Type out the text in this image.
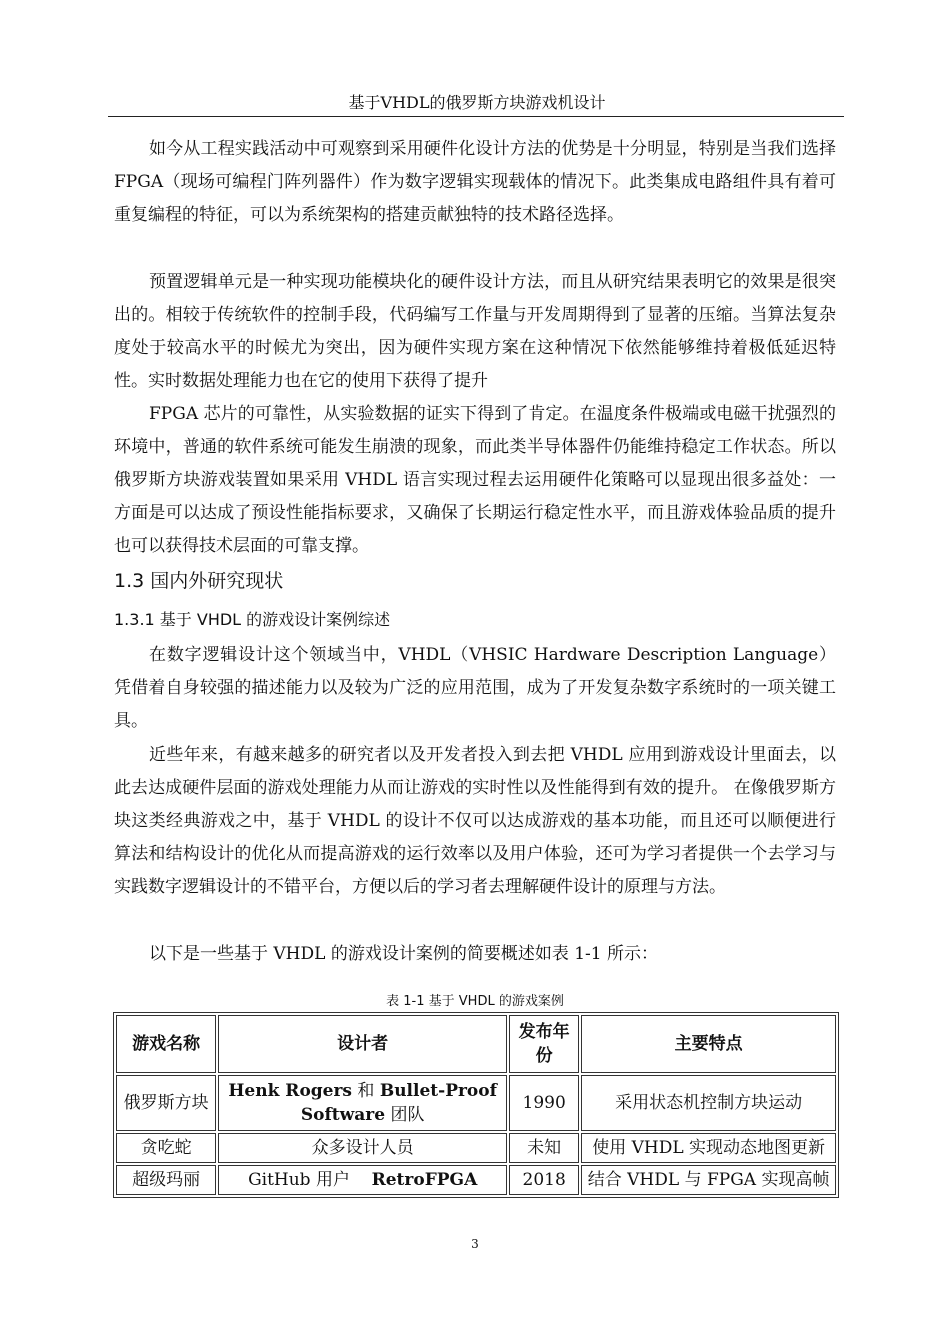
基于VHDL的俄罗斯方块游戏机设计

如今从工程实践活动中可观察到采用硬件化设计方法的优势是十分明显，特别是当我们选择 FPGA（现场可编程门阵列器件）作为数字逻辑实现载体的情况下。此类集成电路组件具有着可重复编程的特征，可以为系统架构的搭建贡献独特的技术路径选择。

预置逻辑单元是一种实现功能模块化的硬件设计方法，而且从研究结果表明它的效果是很突出的。相较于传统软件的控制手段，代码编写工作量与开发周期得到了显著的压缩。当算法复杂度处于较高水平的时候尤为突出，因为硬件实现方案在这种情况下依然能够维持着极低延迟特性。实时数据处理能力也在它的使用下获得了提升

FPGA 芯片的可靠性，从实验数据的证实下得到了肯定。在温度条件极端或电磁干扰强烈的环境中，普通的软件系统可能发生崩溃的现象，而此类半导体器件仍能维持稳定工作状态。所以俄罗斯方块游戏装置如果采用 VHDL 语言实现过程去运用硬件化策略可以显现出很多益处：一方面是可以达成了预设性能指标要求，又确保了长期运行稳定性水平，而且游戏体验品质的提升也可以获得技术层面的可靠支撑。

1.3 国内外研究现状
1.3.1 基于 VHDL 的游戏设计案例综述

在数字逻辑设计这个领域当中，VHDL（VHSIC Hardware Description Language）凭借着自身较强的描述能力以及较为广泛的应用范围，成为了开发复杂数字系统时的一项关键工具。

近些年来，有越来越多的研究者以及开发者投入到去把 VHDL 应用到游戏设计里面去，以此去达成硬件层面的游戏处理能力从而让游戏的实时性以及性能得到有效的提升。 在像俄罗斯方块这类经典游戏之中，基于 VHDL 的设计不仅可以达成游戏的基本功能，而且还可以顺便进行算法和结构设计的优化从而提高游戏的运行效率以及用户体验，还可为学习者提供一个去学习与实践数字逻辑设计的不错平台，方便以后的学习者去理解硬件设计的原理与方法。

以下是一些基于 VHDL 的游戏设计案例的简要概述如表 1-1 所示：

表 1-1 基于 VHDL 的游戏案例
游戏名称	设计者	发布年份	主要特点
俄罗斯方块	Henk Rogers 和 Bullet-Proof Software 团队	1990	采用状态机控制方块运动
贪吃蛇	众多设计人员	未知	使用 VHDL 实现动态地图更新
超级玛丽	GitHub 用户 RetroFPGA	2018	结合 VHDL 与 FPGA 实现高帧
3
